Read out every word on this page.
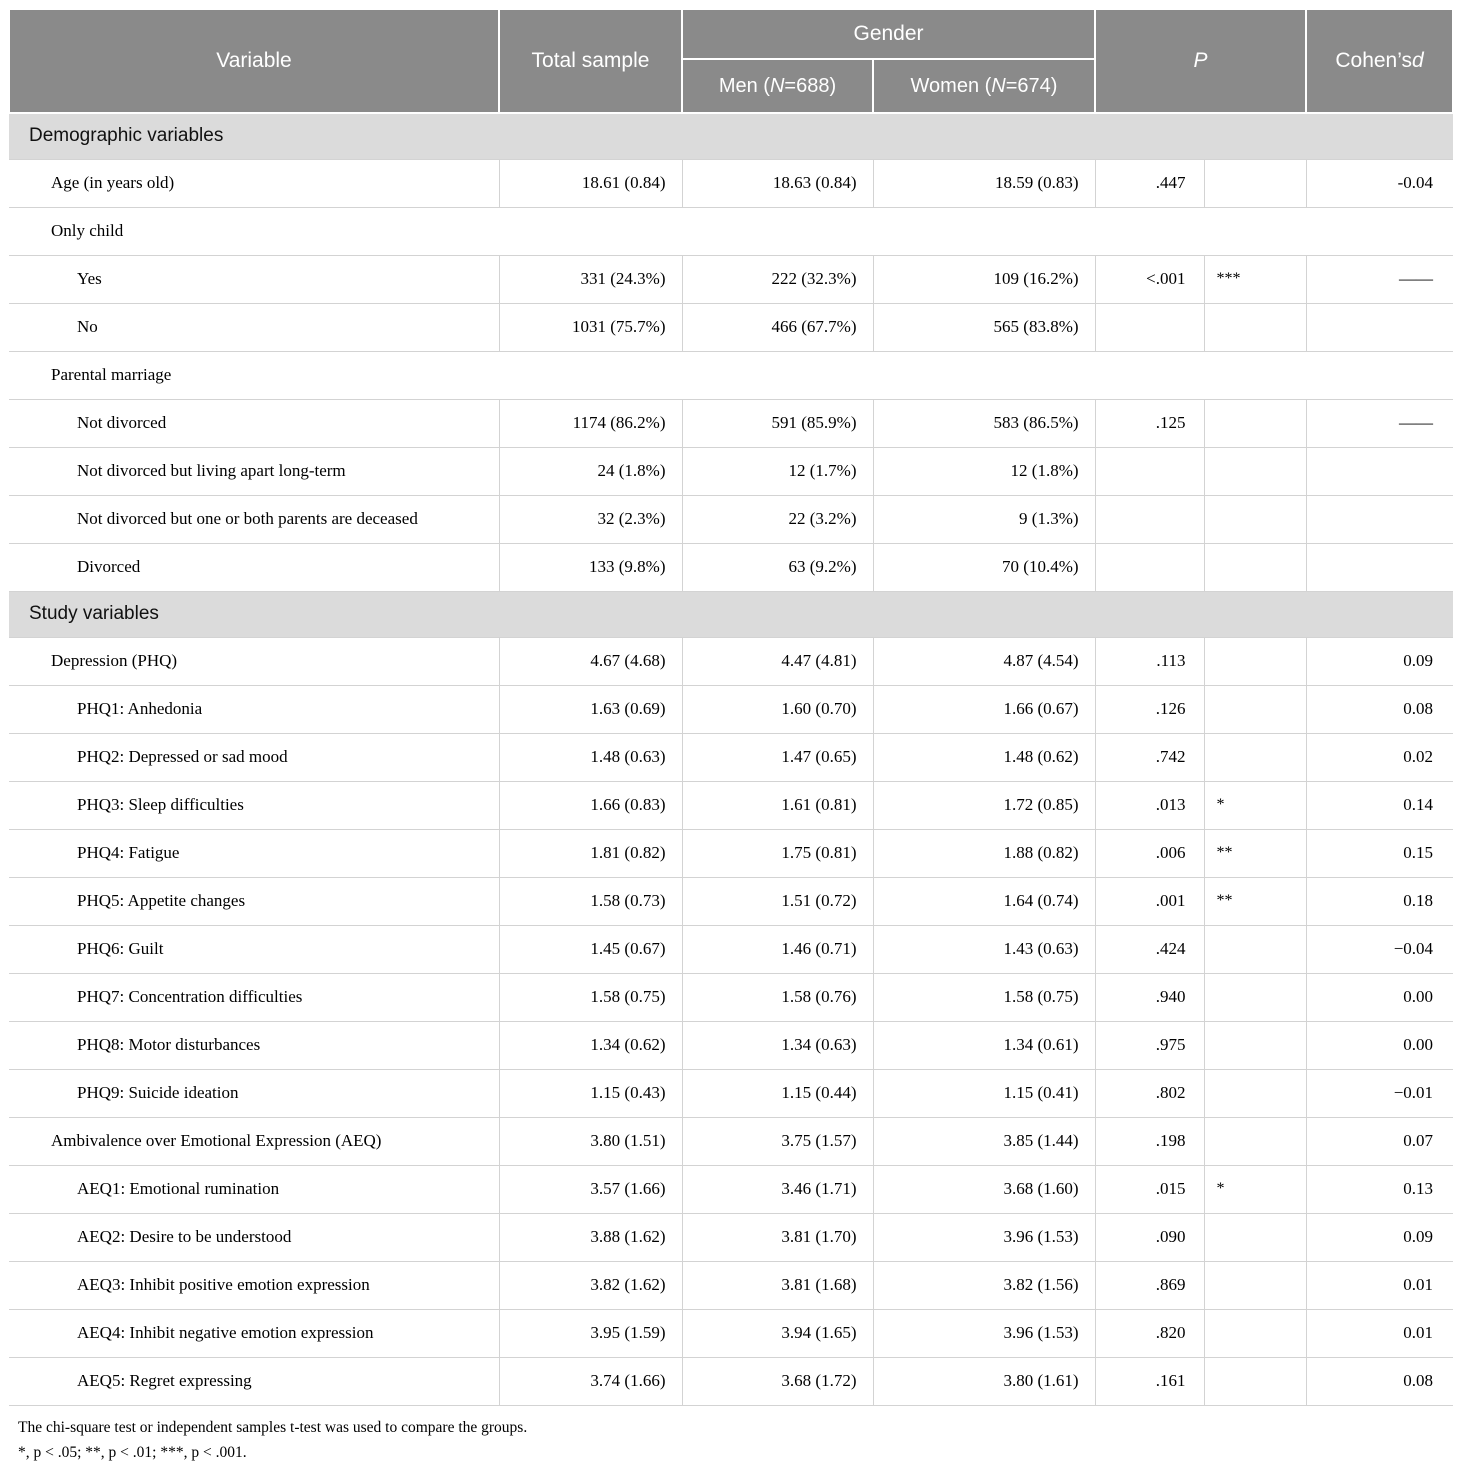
Variable	Total sample	Gender		P		Cohen’sd
		Men (N=688)	Women (N=674)			
Demographic variables						
Age (in years old)	18.61 (0.84)	18.63 (0.84)	18.59 (0.83)	.447		-0.04
Only child						
Yes	331 (24.3%)	222 (32.3%)	109 (16.2%)	<.001	***	——
No	1031 (75.7%)	466 (67.7%)	565 (83.8%)			
Parental marriage						
Not divorced	1174 (86.2%)	591 (85.9%)	583 (86.5%)	.125		——
Not divorced but living apart long-term	24 (1.8%)	12 (1.7%)	12 (1.8%)			
Not divorced but one or both parents are deceased	32 (2.3%)	22 (3.2%)	9 (1.3%)			
Divorced	133 (9.8%)	63 (9.2%)	70 (10.4%)			
Study variables						
Depression (PHQ)	4.67 (4.68)	4.47 (4.81)	4.87 (4.54)	.113		0.09
PHQ1: Anhedonia	1.63 (0.69)	1.60 (0.70)	1.66 (0.67)	.126		0.08
PHQ2: Depressed or sad mood	1.48 (0.63)	1.47 (0.65)	1.48 (0.62)	.742		0.02
PHQ3: Sleep difficulties	1.66 (0.83)	1.61 (0.81)	1.72 (0.85)	.013	*	0.14
PHQ4: Fatigue	1.81 (0.82)	1.75 (0.81)	1.88 (0.82)	.006	**	0.15
PHQ5: Appetite changes	1.58 (0.73)	1.51 (0.72)	1.64 (0.74)	.001	**	0.18
PHQ6: Guilt	1.45 (0.67)	1.46 (0.71)	1.43 (0.63)	.424		−0.04
PHQ7: Concentration difficulties	1.58 (0.75)	1.58 (0.76)	1.58 (0.75)	.940		0.00
PHQ8: Motor disturbances	1.34 (0.62)	1.34 (0.63)	1.34 (0.61)	.975		0.00
PHQ9: Suicide ideation	1.15 (0.43)	1.15 (0.44)	1.15 (0.41)	.802		−0.01
Ambivalence over Emotional Expression (AEQ)	3.80 (1.51)	3.75 (1.57)	3.85 (1.44)	.198		0.07
AEQ1: Emotional rumination	3.57 (1.66)	3.46 (1.71)	3.68 (1.60)	.015	*	0.13
AEQ2: Desire to be understood	3.88 (1.62)	3.81 (1.70)	3.96 (1.53)	.090		0.09
AEQ3: Inhibit positive emotion expression	3.82 (1.62)	3.81 (1.68)	3.82 (1.56)	.869		0.01
AEQ4: Inhibit negative emotion expression	3.95 (1.59)	3.94 (1.65)	3.96 (1.53)	.820		0.01
AEQ5: Regret expressing	3.74 (1.66)	3.68 (1.72)	3.80 (1.61)	.161		0.08

The chi-square test or independent samples t-test was used to compare the groups.

*, p < .05; **, p < .01; ***, p < .001.
